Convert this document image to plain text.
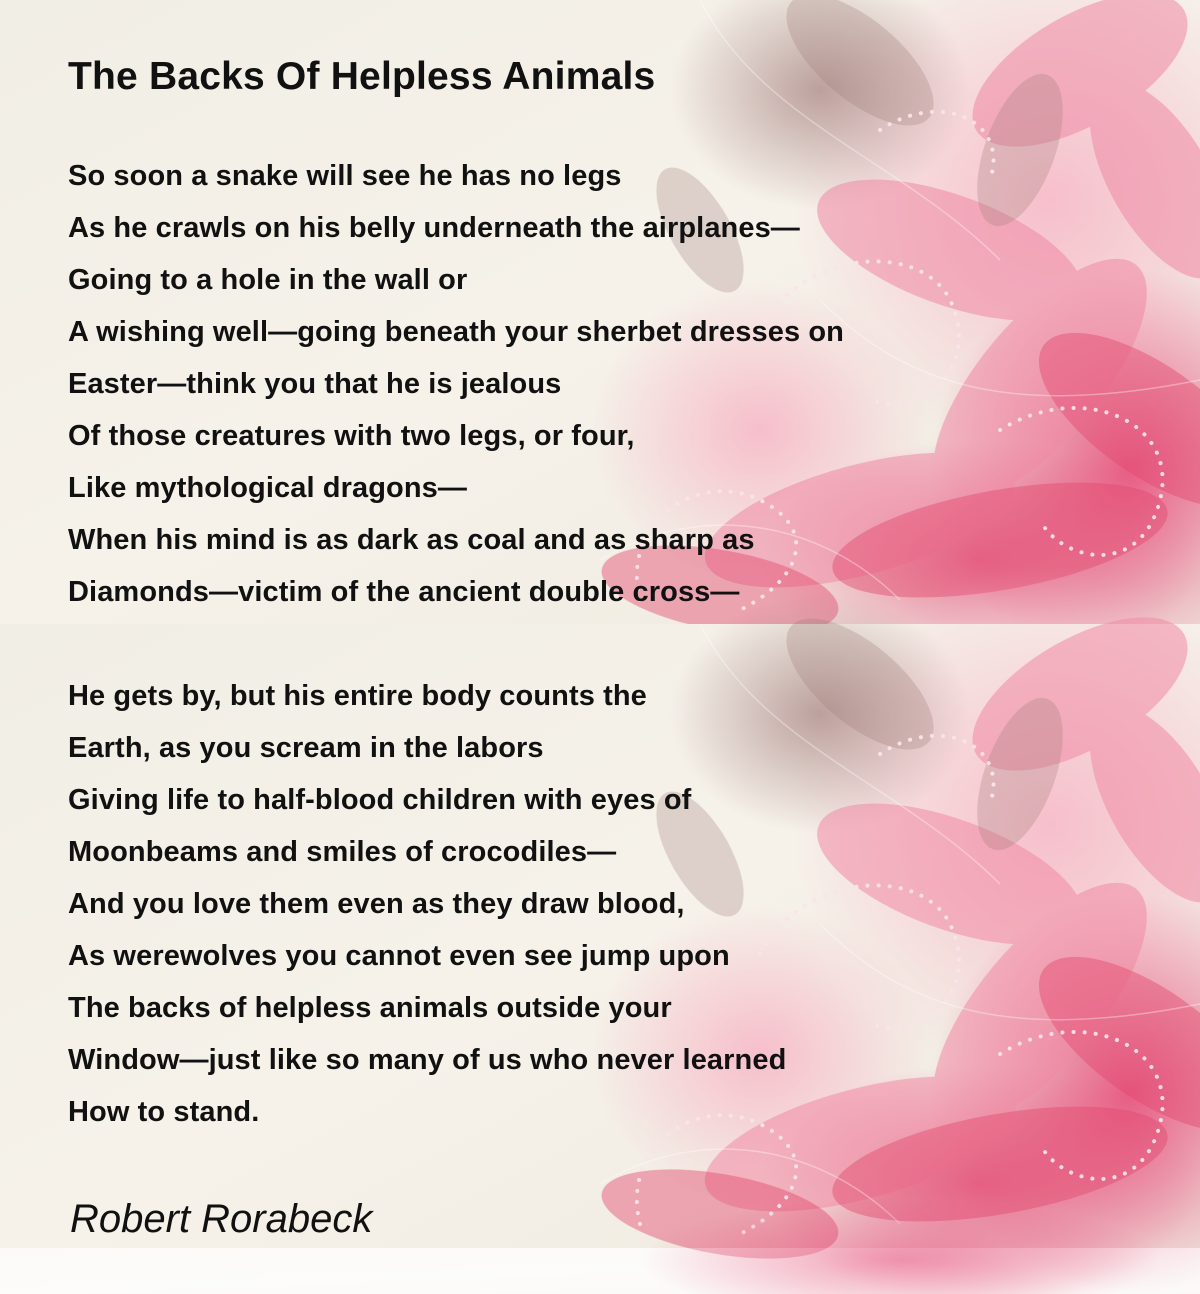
The Backs Of Helpless Animals
So soon a snake will see he has no legs
As he crawls on his belly underneath the airplanes—
Going to a hole in the wall or
A wishing well—going beneath your sherbet dresses on
Easter—think you that he is jealous
Of those creatures with two legs, or four,
Like mythological dragons—
When his mind is as dark as coal and as sharp as
Diamonds—victim of the ancient double cross—
He gets by, but his entire body counts the
Earth, as you scream in the labors
Giving life to half-blood children with eyes of
Moonbeams and smiles of crocodiles—
And you love them even as they draw blood,
As werewolves you cannot even see jump upon
The backs of helpless animals outside your
Window—just like so many of us who never learned
How to stand.
Robert Rorabeck
